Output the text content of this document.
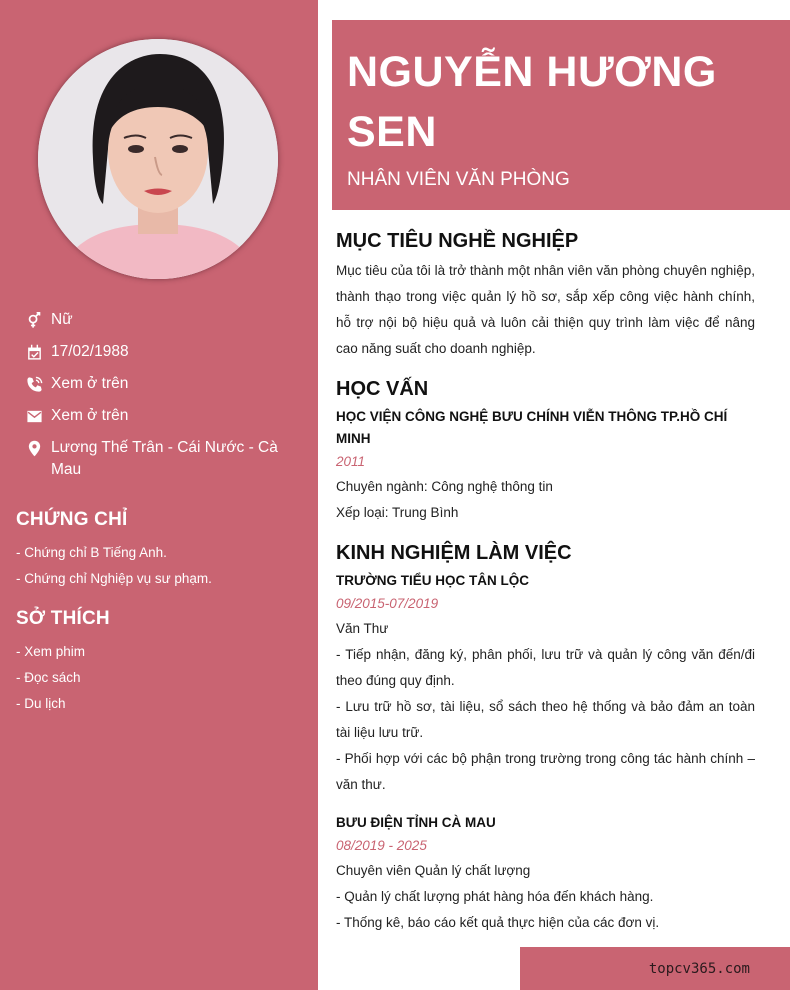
Nữ
17/02/1988
Xem ở trên
Xem ở trên
Lương Thế Trân - Cái Nước - Cà Mau
CHỨNG CHỈ
- Chứng chỉ B Tiếng Anh.
- Chứng chỉ Nghiệp vụ sư phạm.
SỞ THÍCH
- Xem phim
- Đọc sách
- Du lịch
NGUYỄN HƯƠNG SEN
NHÂN VIÊN VĂN PHÒNG
MỤC TIÊU NGHỀ NGHIỆP

Mục tiêu của tôi là trở thành một nhân viên văn phòng chuyên nghiệp, thành thạo trong việc quản lý hồ sơ, sắp xếp công việc hành chính, hỗ trợ nội bộ hiệu quả và luôn cải thiện quy trình làm việc để nâng cao năng suất cho doanh nghiệp.

HỌC VẤN
HỌC VIỆN CÔNG NGHỆ BƯU CHÍNH VIỄN THÔNG TP.HỒ CHÍ MINH
2011
Chuyên ngành: Công nghệ thông tin
Xếp loại: Trung Bình
KINH NGHIỆM LÀM VIỆC
TRƯỜNG TIỂU HỌC TÂN LỘC
09/2015-07/2019
Văn Thư
- Tiếp nhận, đăng ký, phân phối, lưu trữ và quản lý công văn đến/đi theo đúng quy định.
- Lưu trữ hồ sơ, tài liệu, sổ sách theo hệ thống và bảo đảm an toàn tài liệu lưu trữ.
- Phối hợp với các bộ phận trong trường trong công tác hành chính – văn thư.
BƯU ĐIỆN TỈNH CÀ MAU
08/2019 - 2025
Chuyên viên Quản lý chất lượng
- Quản lý chất lượng phát hàng hóa đến khách hàng.
- Thống kê, báo cáo kết quả thực hiện của các đơn vị.
topcv365.com
